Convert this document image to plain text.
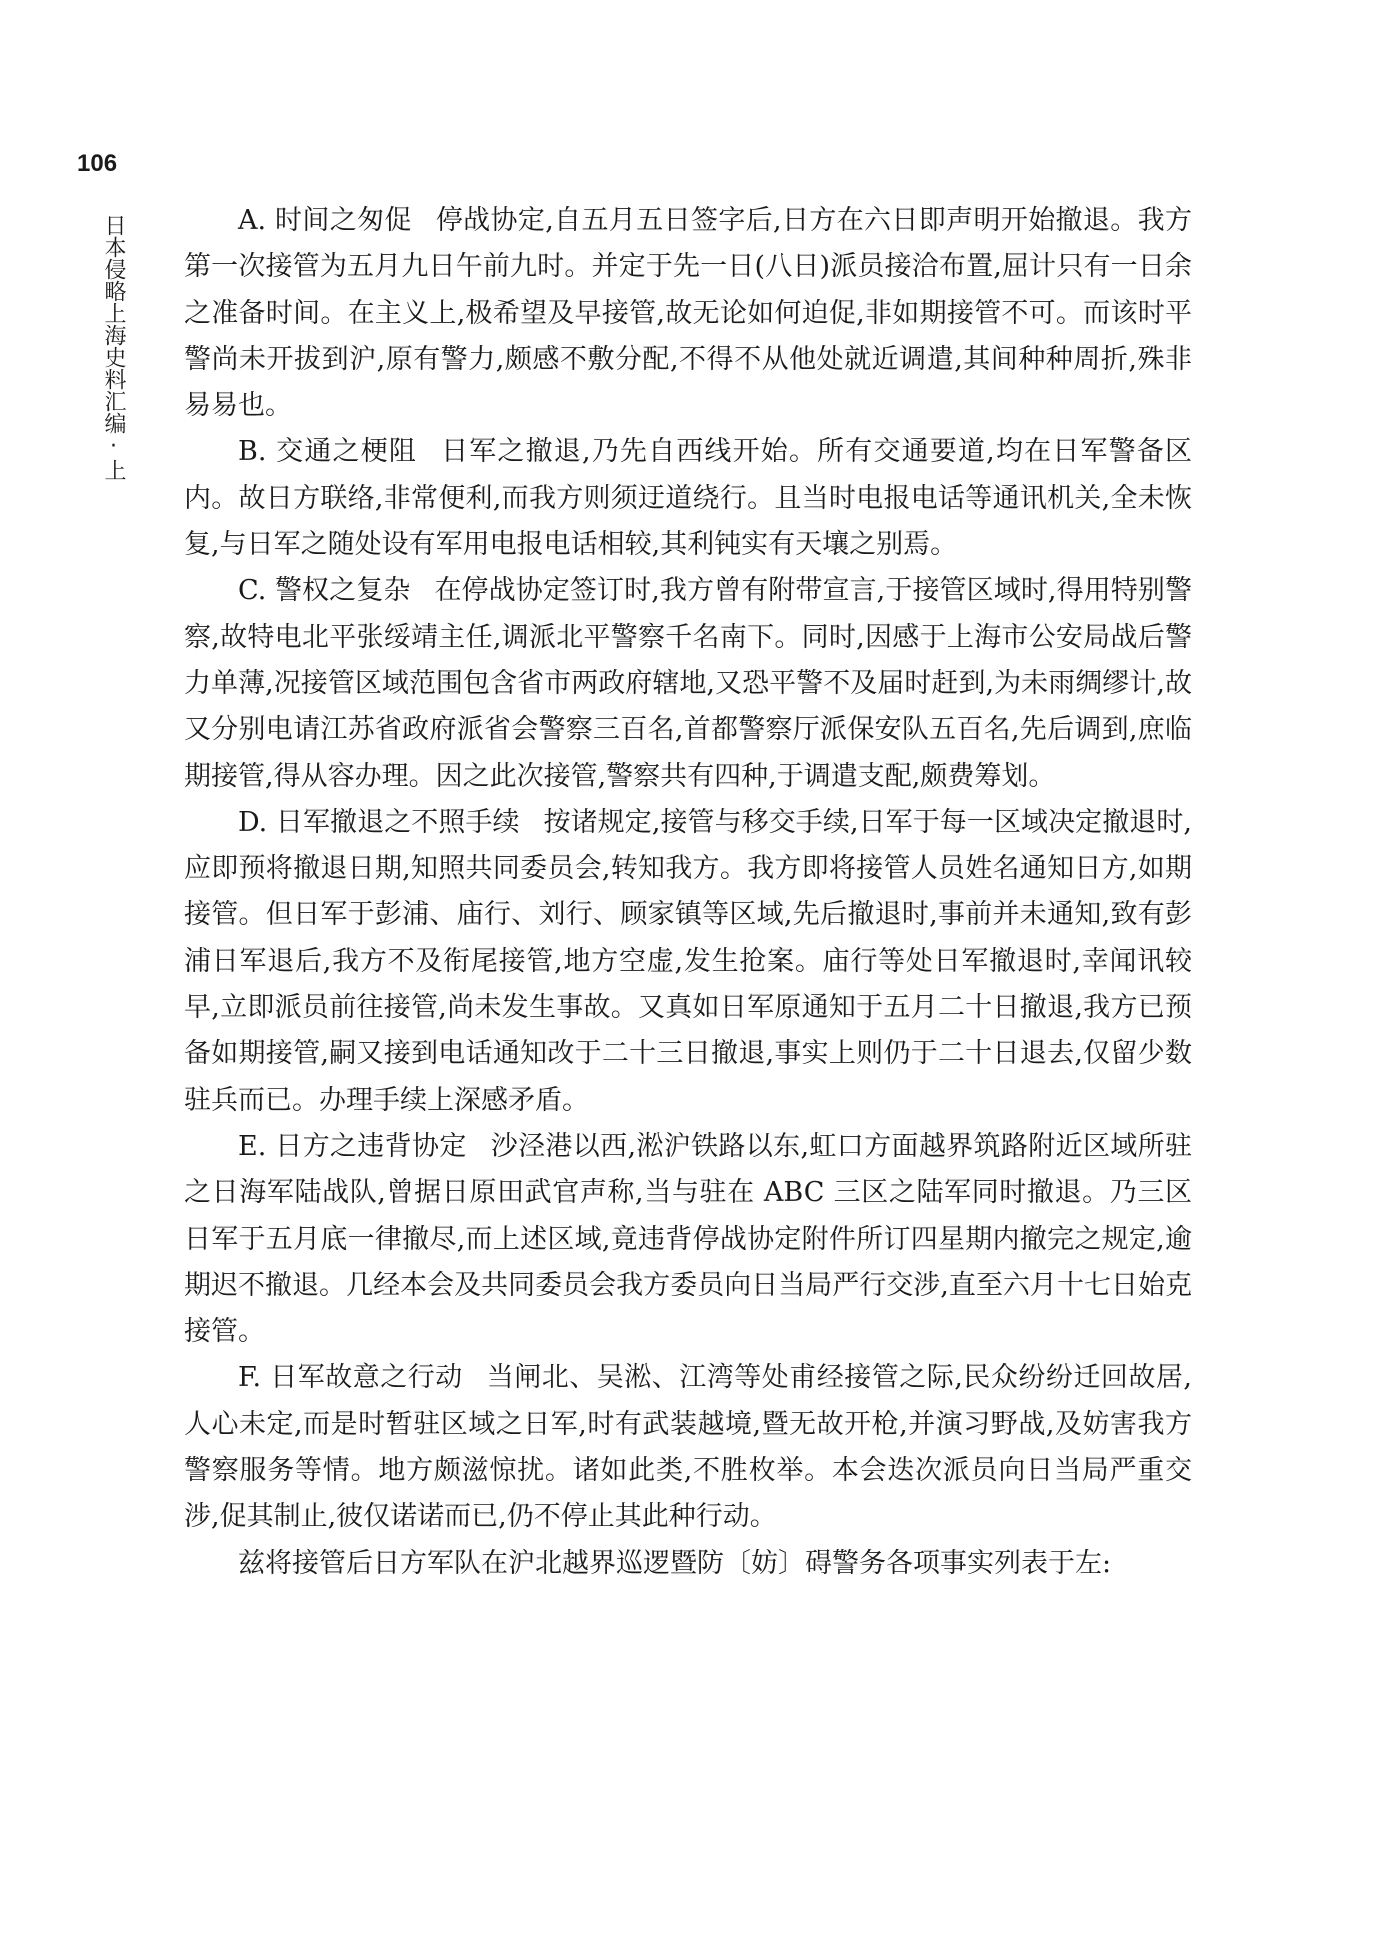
106
日本侵略上海史料汇编·上	A. 时间之匆促 停战协定,自五月五日签字后,日方在六日即声明开始撤退。我方第一次接管为五月九日午前九时。并定于先一日(八日)派员接洽布置,屈计只有一日余之准备时间。在主义上,极希望及早接管,故无论如何迫促,非如期接管不可。而该时平警尚未开拔到沪,原有警力,颇感不敷分配,不得不从他处就近调遣,其间种种周折,殊非易易也。

B. 交通之梗阻 日军之撤退,乃先自西线开始。所有交通要道,均在日军警备区内。故日方联络,非常便利,而我方则须迂道绕行。且当时电报电话等通讯机关,全未恢复,与日军之随处设有军用电报电话相较,其利钝实有天壤之别焉。

C. 警权之复杂 在停战协定签订时,我方曾有附带宣言,于接管区域时,得用特别警察,故特电北平张绥靖主任,调派北平警察千名南下。同时,因感于上海市公安局战后警力单薄,况接管区域范围包含省市两政府辖地,又恐平警不及届时赶到,为未雨绸缪计,故又分别电请江苏省政府派省会警察三百名,首都警察厅派保安队五百名,先后调到,庶临期接管,得从容办理。因之此次接管,警察共有四种,于调遣支配,颇费筹划。

D. 日军撤退之不照手续 按诸规定,接管与移交手续,日军于每一区域决定撤退时,应即预将撤退日期,知照共同委员会,转知我方。我方即将接管人员姓名通知日方,如期接管。但日军于彭浦、庙行、刘行、顾家镇等区域,先后撤退时,事前并未通知,致有彭浦日军退后,我方不及衔尾接管,地方空虚,发生抢案。庙行等处日军撤退时,幸闻讯较早,立即派员前往接管,尚未发生事故。又真如日军原通知于五月二十日撤退,我方已预备如期接管,嗣又接到电话通知改于二十三日撤退,事实上则仍于二十日退去,仅留少数驻兵而已。办理手续上深感矛盾。

E. 日方之违背协定 沙泾港以西,淞沪铁路以东,虹口方面越界筑路附近区域所驻之日海军陆战队,曾据日原田武官声称,当与驻在 ABC 三区之陆军同时撤退。乃三区日军于五月底一律撤尽,而上述区域,竟违背停战协定附件所订四星期内撤完之规定,逾期迟不撤退。几经本会及共同委员会我方委员向日当局严行交涉,直至六月十七日始克接管。

F. 日军故意之行动 当闸北、吴淞、江湾等处甫经接管之际,民众纷纷迁回故居,人心未定,而是时暂驻区域之日军,时有武装越境,暨无故开枪,并演习野战,及妨害我方警察服务等情。地方颇滋惊扰。诸如此类,不胜枚举。本会迭次派员向日当局严重交涉,促其制止,彼仅诺诺而已,仍不停止其此种行动。

兹将接管后日方军队在沪北越界巡逻暨防〔妨〕碍警务各项事实列表于左:
